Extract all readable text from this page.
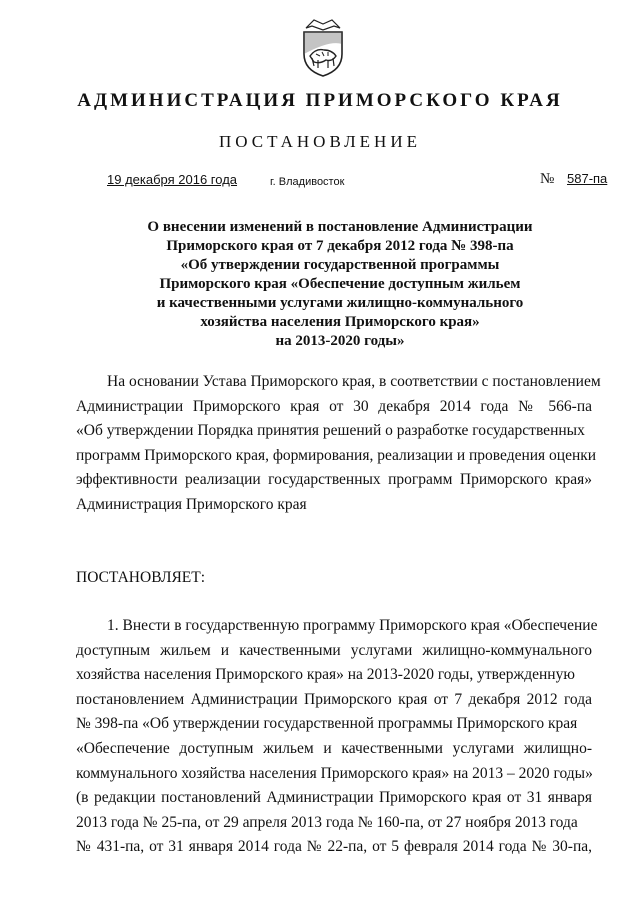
АДМИНИСТРАЦИЯ ПРИМОРСКОГО КРАЯ
ПОСТАНОВЛЕНИЕ
19 декабря 2016 года	г. Владивосток	№ 587-па
О внесении изменений в постановление Администрации
Приморского края от 7 декабря 2012 года № 398-па
«Об утверждении государственной программы
Приморского края «Обеспечение доступным жильем
и качественными услугами жилищно-коммунального
хозяйства населения Приморского края»
на 2013-2020 годы»
На основании Устава Приморского края, в соответствии с постановлением
Администрации Приморского края от 30 декабря 2014 года № 566-па
«Об утверждении Порядка принятия решений о разработке государственных
программ Приморского края, формирования, реализации и проведения оценки
эффективности реализации государственных программ Приморского края»
Администрация Приморского края
ПОСТАНОВЛЯЕТ:
1. Внести в государственную программу Приморского края «Обеспечение
доступным жильем и качественными услугами жилищно-коммунального
хозяйства населения Приморского края» на 2013-2020 годы, утвержденную
постановлением Администрации Приморского края от 7 декабря 2012 года
№ 398-па «Об утверждении государственной программы Приморского края
«Обеспечение доступным жильем и качественными услугами жилищно-
коммунального хозяйства населения Приморского края» на 2013 – 2020 годы»
(в редакции постановлений Администрации Приморского края от 31 января
2013 года № 25-па, от 29 апреля 2013 года № 160-па, от 27 ноября 2013 года
№ 431-па, от 31 января 2014 года № 22-па, от 5 февраля 2014 года № 30-па,
